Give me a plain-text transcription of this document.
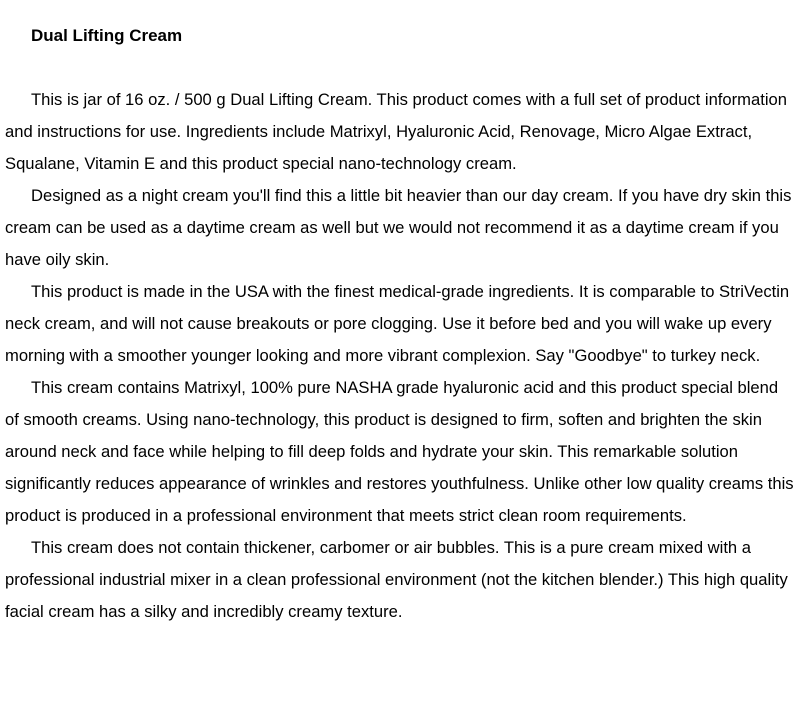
Dual Lifting Cream

This is jar of 16 oz. / 500 g Dual Lifting Cream. This product comes with a full set of product information and instructions for use. Ingredients include Matrixyl, Hyaluronic Acid, Renovage, Micro Algae Extract, Squalane, Vitamin E and this product special nano-technology cream.

Designed as a night cream you'll find this a little bit heavier than our day cream. If you have dry skin this cream can be used as a daytime cream as well but we would not recommend it as a daytime cream if you have oily skin.

This product is made in the USA with the finest medical-grade ingredients. It is comparable to StriVectin neck cream, and will not cause breakouts or pore clogging. Use it before bed and you will wake up every morning with a smoother younger looking and more vibrant complexion. Say "Goodbye" to turkey neck.

This cream contains Matrixyl, 100% pure NASHA grade hyaluronic acid and this product special blend of smooth creams. Using nano-technology, this product is designed to firm, soften and brighten the skin around neck and face while helping to fill deep folds and hydrate your skin. This remarkable solution significantly reduces appearance of wrinkles and restores youthfulness. Unlike other low quality creams this product is produced in a professional environment that meets strict clean room requirements.

This cream does not contain thickener, carbomer or air bubbles. This is a pure cream mixed with a professional industrial mixer in a clean professional environment (not the kitchen blender.) This high quality facial cream has a silky and incredibly creamy texture.
